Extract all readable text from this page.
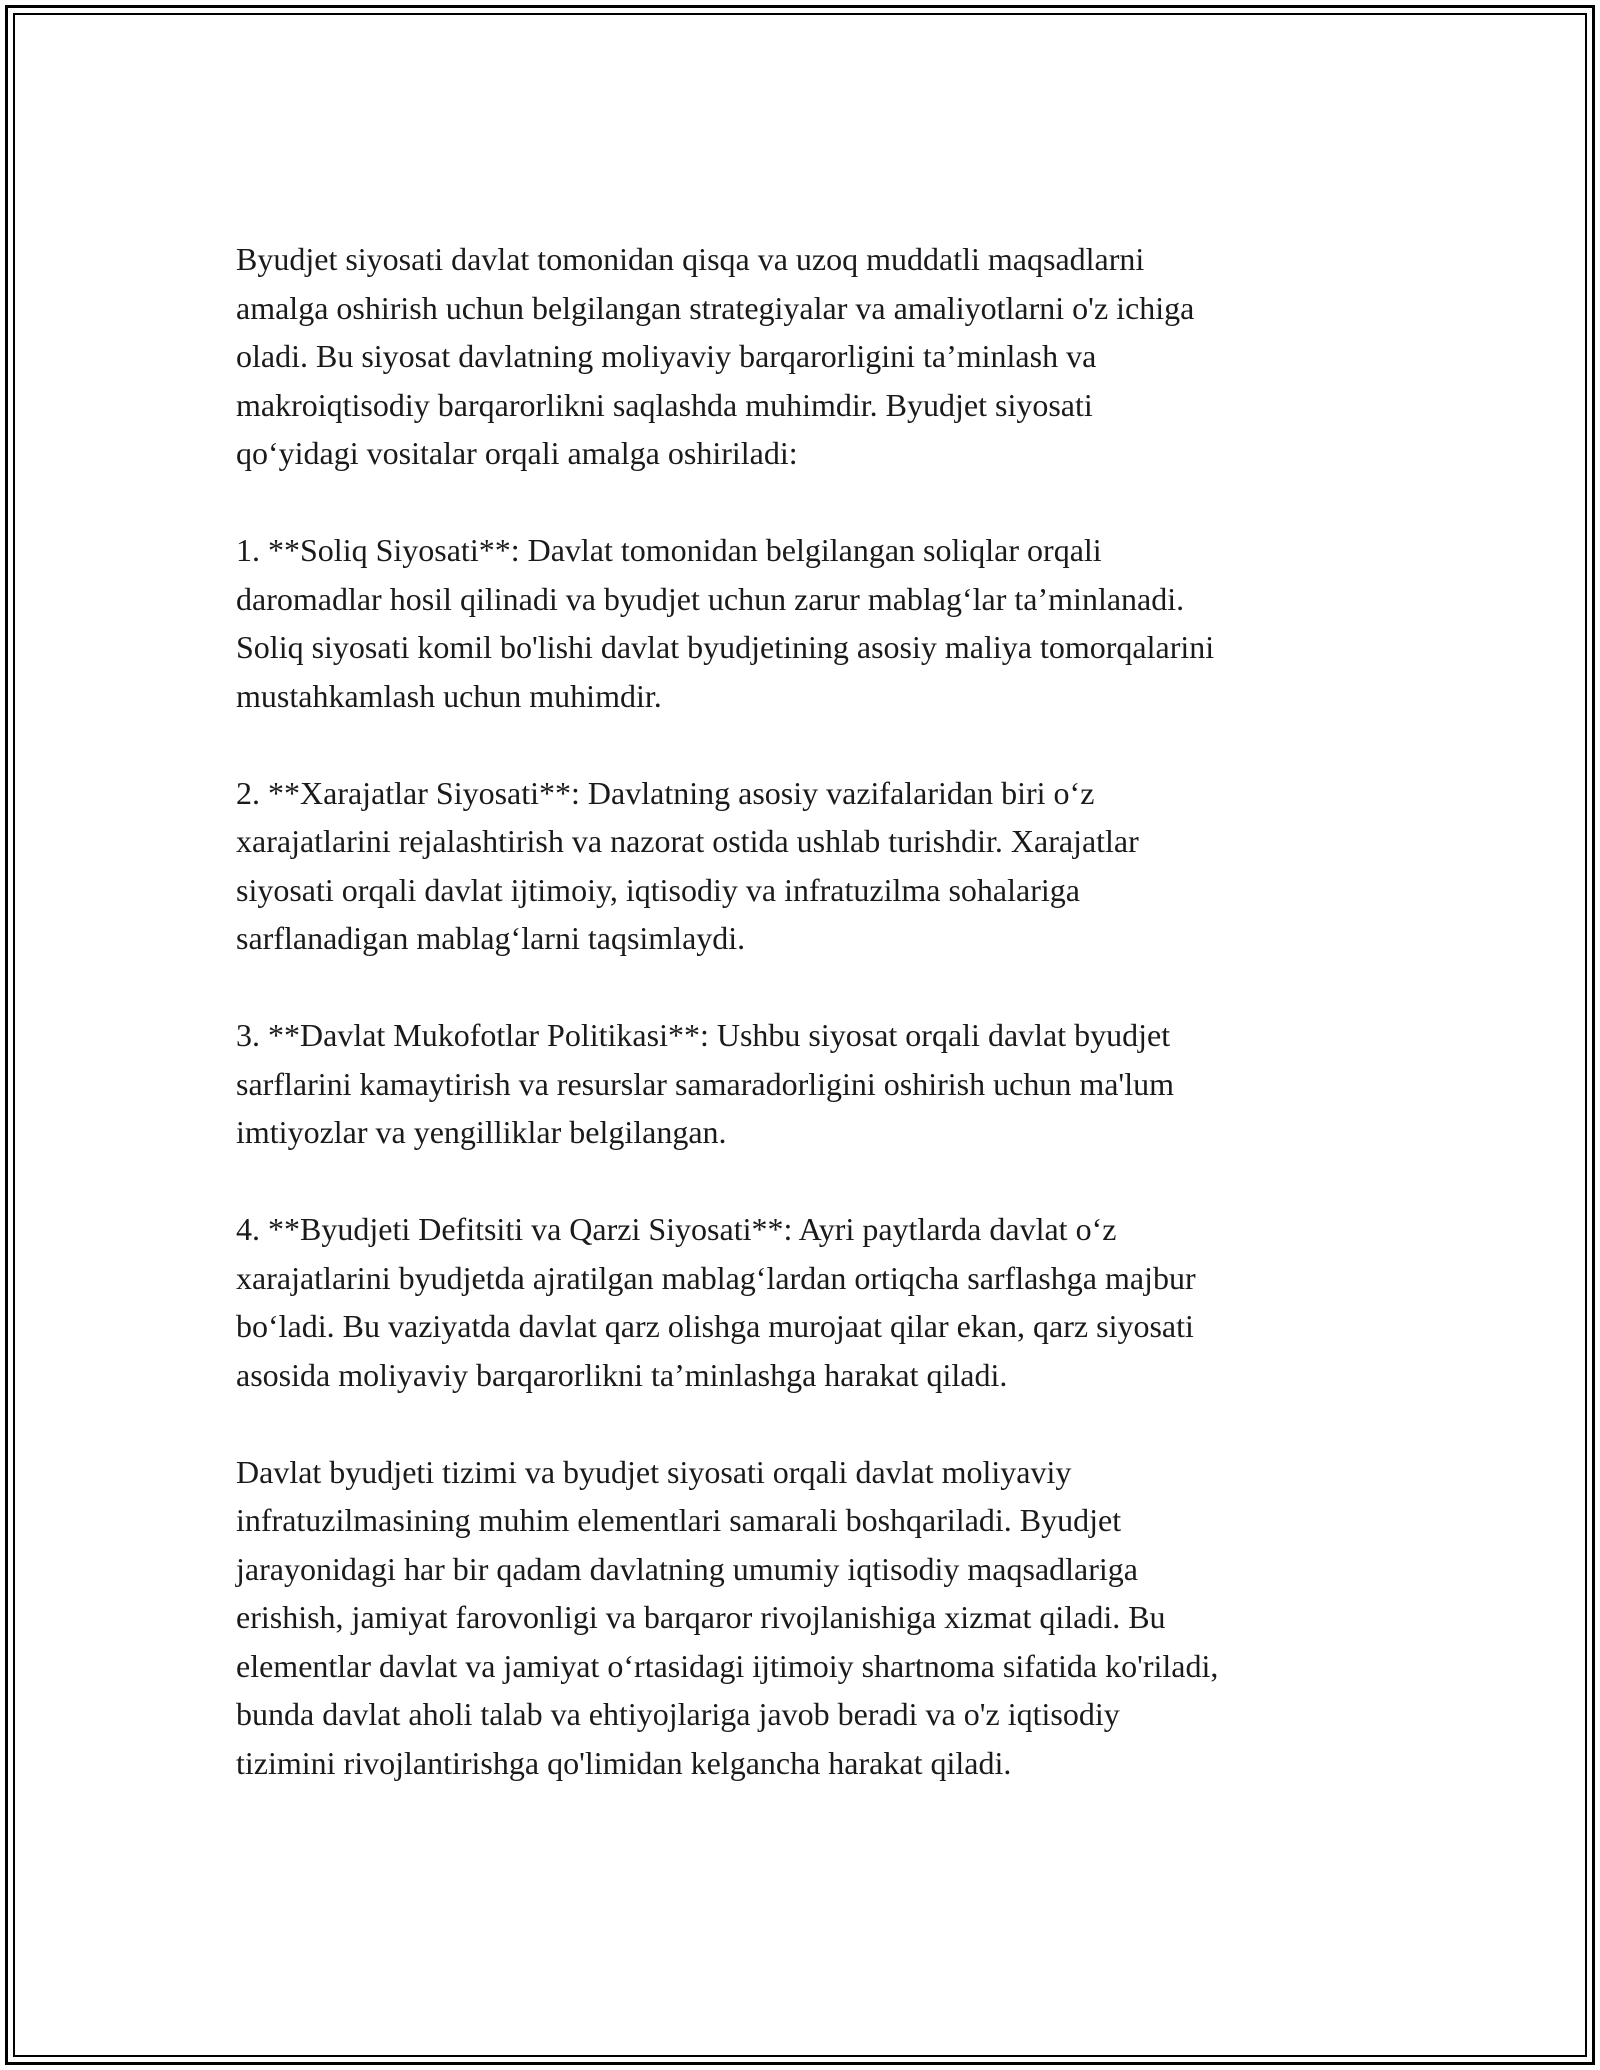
Byudjet siyosati davlat tomonidan qisqa va uzoq muddatli maqsadlarni
amalga oshirish uchun belgilangan strategiyalar va amaliyotlarni o'z ichiga
oladi. Bu siyosat davlatning moliyaviy barqarorligini ta’minlash va
makroiqtisodiy barqarorlikni saqlashda muhimdir. Byudjet siyosati
qo‘yidagi vositalar orqali amalga oshiriladi:

1. **Soliq Siyosati**: Davlat tomonidan belgilangan soliqlar orqali
daromadlar hosil qilinadi va byudjet uchun zarur mablag‘lar ta’minlanadi.
Soliq siyosati komil bo'lishi davlat byudjetining asosiy maliya tomorqalarini
mustahkamlash uchun muhimdir.

2. **Xarajatlar Siyosati**: Davlatning asosiy vazifalaridan biri o‘z
xarajatlarini rejalashtirish va nazorat ostida ushlab turishdir. Xarajatlar
siyosati orqali davlat ijtimoiy, iqtisodiy va infratuzilma sohalariga
sarflanadigan mablag‘larni taqsimlaydi.

3. **Davlat Mukofotlar Politikasi**: Ushbu siyosat orqali davlat byudjet
sarflarini kamaytirish va resurslar samaradorligini oshirish uchun ma'lum
imtiyozlar va yengilliklar belgilangan.

4. **Byudjeti Defitsiti va Qarzi Siyosati**: Ayri paytlarda davlat o‘z
xarajatlarini byudjetda ajratilgan mablag‘lardan ortiqcha sarflashga majbur
bo‘ladi. Bu vaziyatda davlat qarz olishga murojaat qilar ekan, qarz siyosati
asosida moliyaviy barqarorlikni ta’minlashga harakat qiladi.

Davlat byudjeti tizimi va byudjet siyosati orqali davlat moliyaviy
infratuzilmasining muhim elementlari samarali boshqariladi. Byudjet
jarayonidagi har bir qadam davlatning umumiy iqtisodiy maqsadlariga
erishish, jamiyat farovonligi va barqaror rivojlanishiga xizmat qiladi. Bu
elementlar davlat va jamiyat o‘rtasidagi ijtimoiy shartnoma sifatida ko'riladi,
bunda davlat aholi talab va ehtiyojlariga javob beradi va o'z iqtisodiy
tizimini rivojlantirishga qo'limidan kelgancha harakat qiladi.
